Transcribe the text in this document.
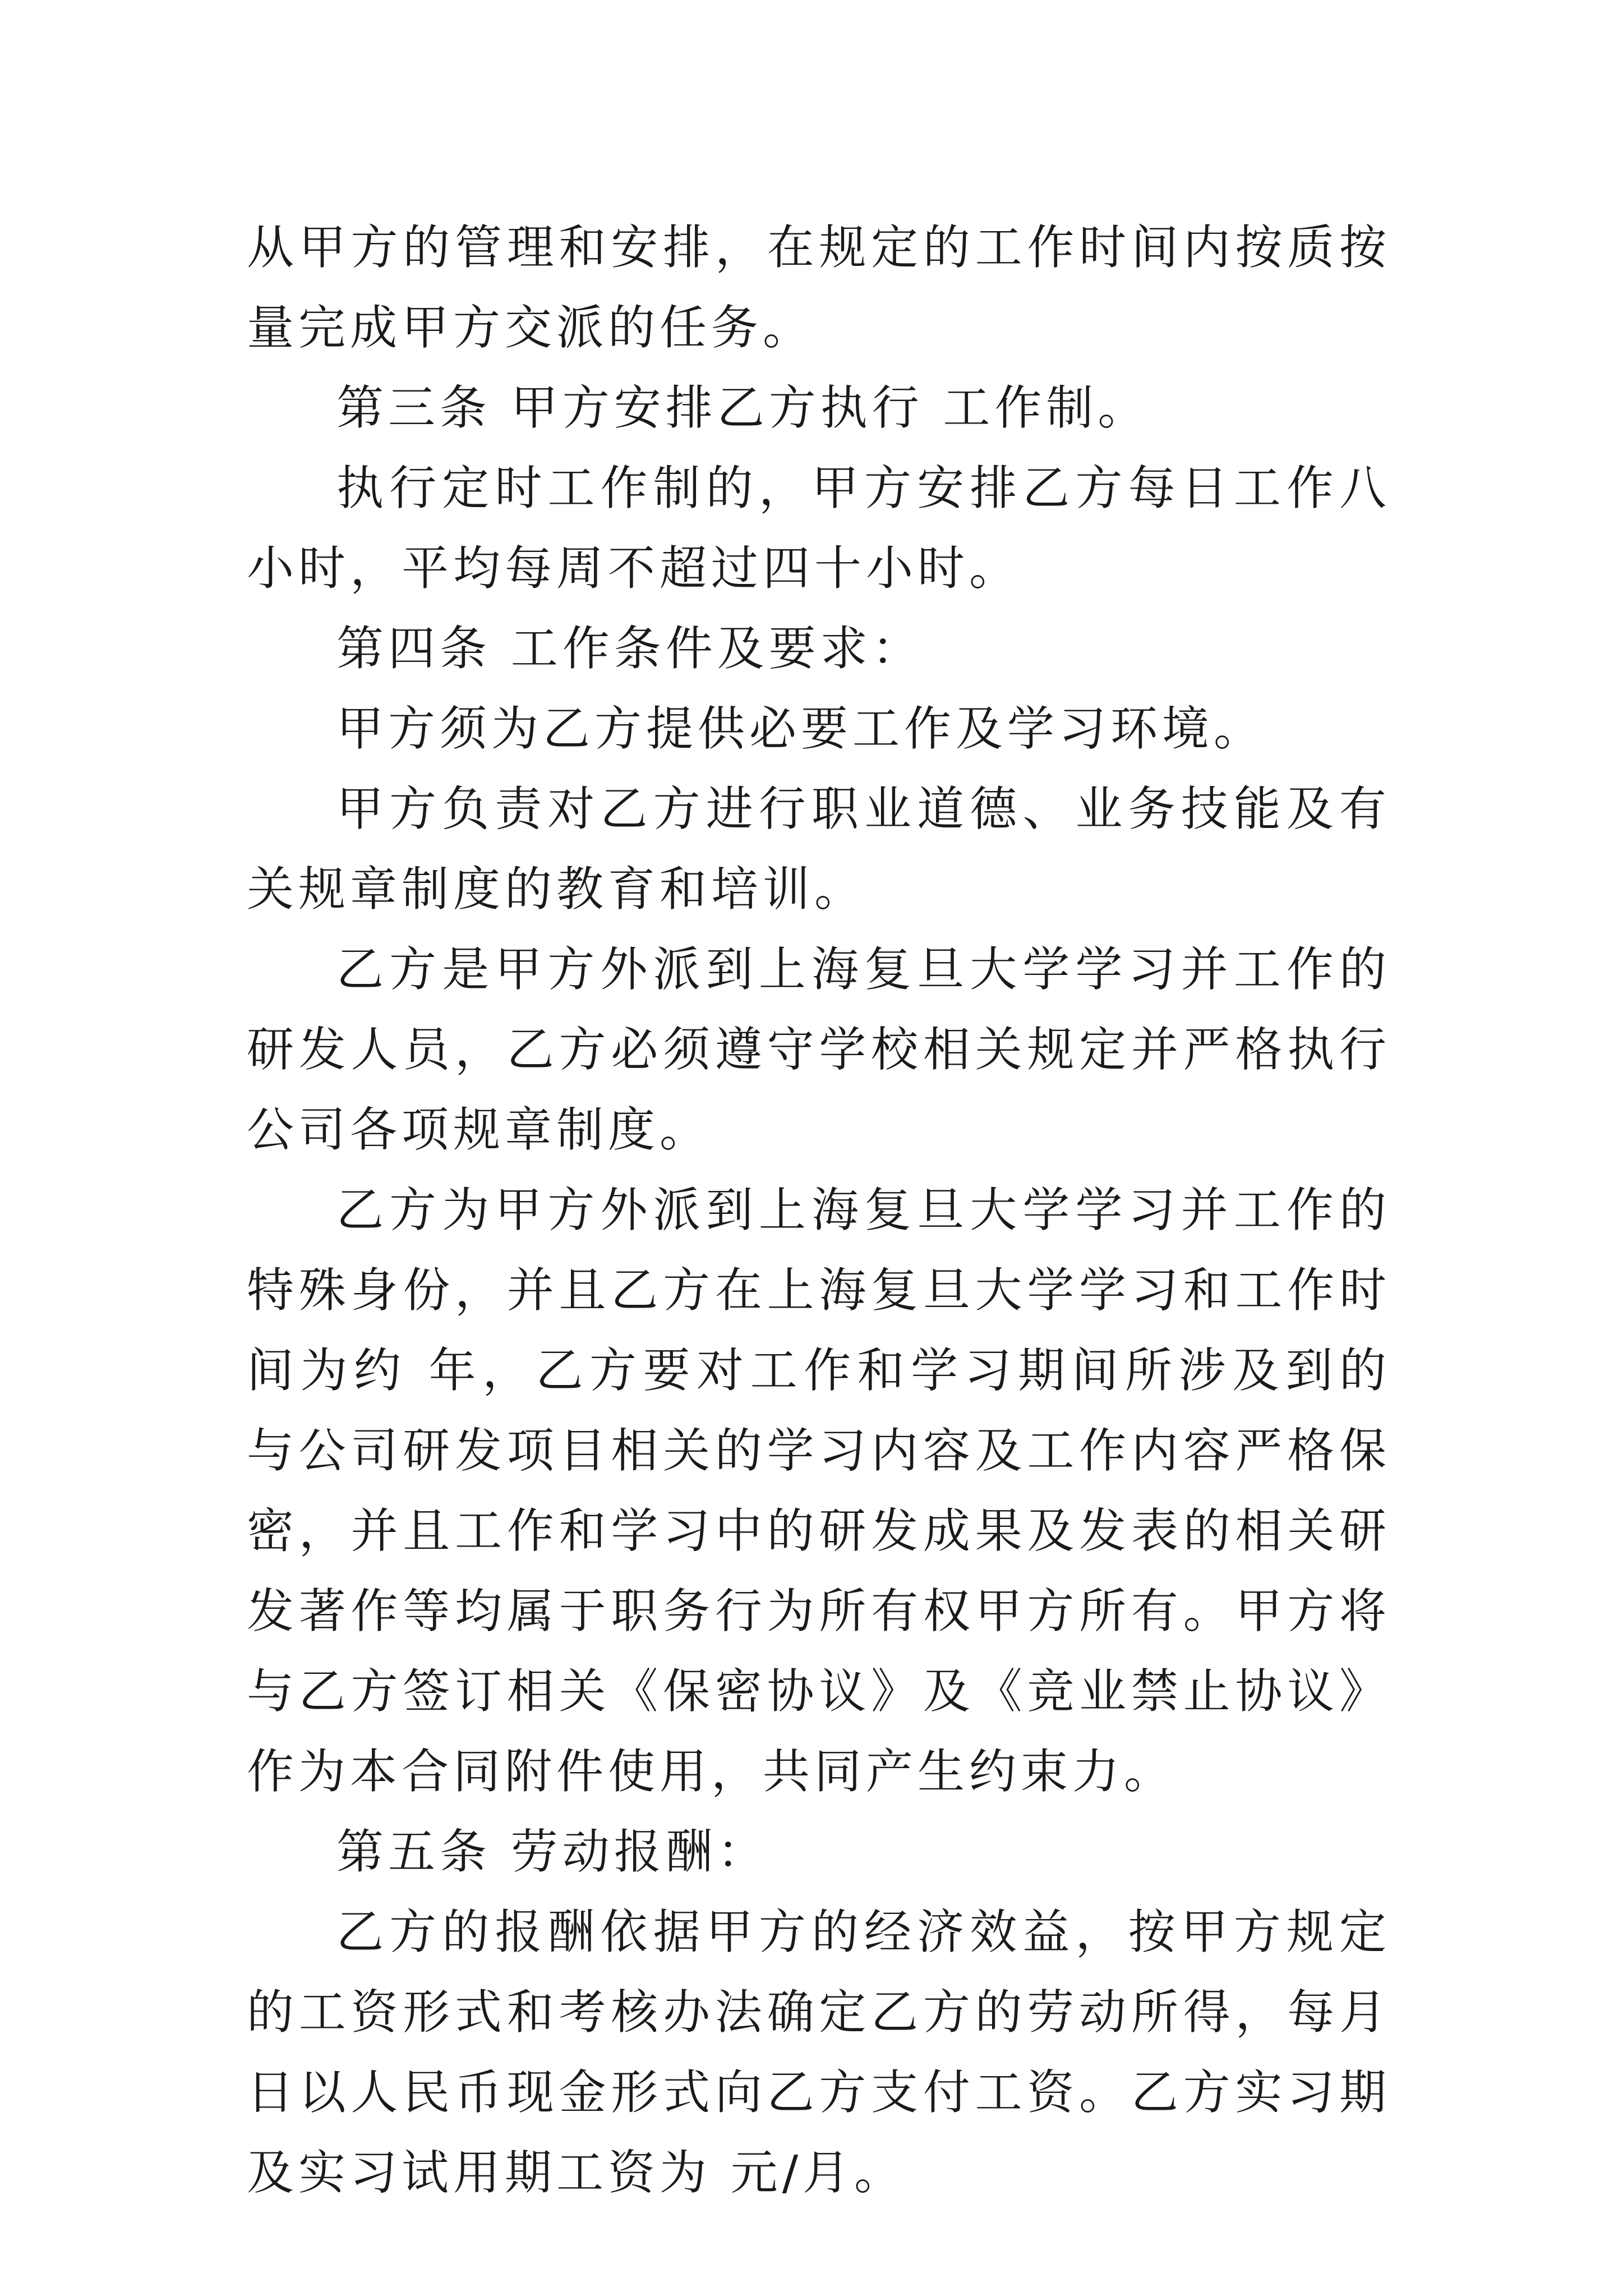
从甲方的管理和安排，在规定的工作时间内按质按量完成甲方交派的任务。

第三条 甲方安排乙方执行 工作制。

执行定时工作制的，甲方安排乙方每日工作八小时，平均每周不超过四十小时。

第四条 工作条件及要求：

甲方须为乙方提供必要工作及学习环境。

甲方负责对乙方进行职业道德、业务技能及有关规章制度的教育和培训。

乙方是甲方外派到上海复旦大学学习并工作的研发人员，乙方必须遵守学校相关规定并严格执行公司各项规章制度。

乙方为甲方外派到上海复旦大学学习并工作的特殊身份，并且乙方在上海复旦大学学习和工作时间为约 年，乙方要对工作和学习期间所涉及到的与公司研发项目相关的学习内容及工作内容严格保密，并且工作和学习中的研发成果及发表的相关研发著作等均属于职务行为所有权甲方所有。甲方将与乙方签订相关《保密协议》及《竞业禁止协议》作为本合同附件使用，共同产生约束力。

第五条 劳动报酬：

乙方的报酬依据甲方的经济效益，按甲方规定的工资形式和考核办法确定乙方的劳动所得，每月 日以人民币现金形式向乙方支付工资。乙方实习期及实习试用期工资为 元/月。
